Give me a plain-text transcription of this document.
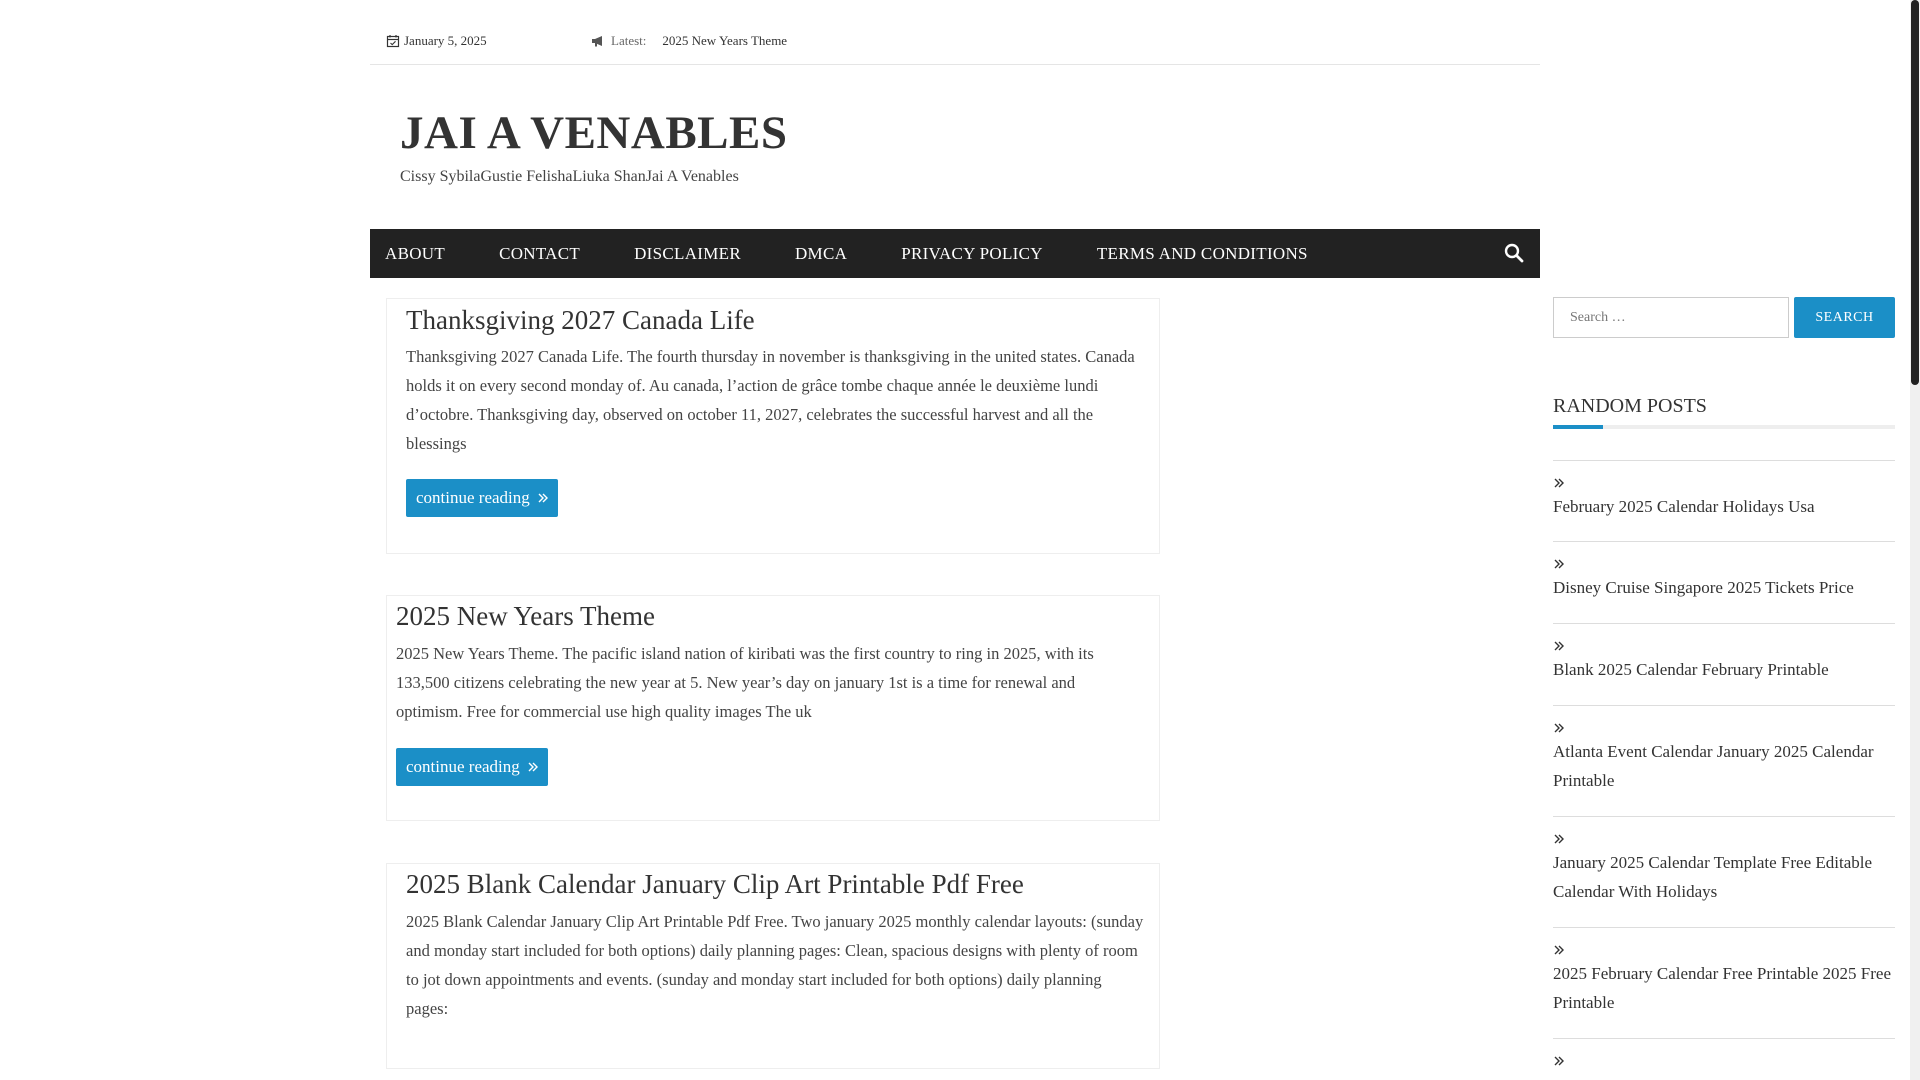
January 5, 2025	Latest: 2025 New Years Theme
JAI A VENABLES
Cissy SybilaGustie FelishaLiuka ShanJai A Venables
ABOUT	CONTACT	DISCLAIMER	DMCA	PRIVACY POLICY	TERMS AND CONDITIONS
Thanksgiving 2027 Canada Life

Thanksgiving 2027 Canada Life. The fourth thursday in november is thanksgiving in the united states. Canada holds it on every second monday of. Au canada, l’action de grâce tombe chaque année le deuxième lundi d’octobre. Thanksgiving day, observed on october 11, 2027, celebrates the successful harvest and all the blessings

continue reading
2025 New Years Theme

2025 New Years Theme. The pacific island nation of kiribati was the first country to ring in 2025, with its 133,500 citizens celebrating the new year at 5. New year’s day on january 1st is a time for renewal and optimism. Free for commercial use high quality images The uk

continue reading
2025 Blank Calendar January Clip Art Printable Pdf Free

2025 Blank Calendar January Clip Art Printable Pdf Free. Two january 2025 monthly calendar layouts: (sunday and monday start included for both options) daily planning pages: Clean, spacious designs with plenty of room to jot down appointments and events. (sunday and monday start included for both options) daily planning pages:

Search …	SEARCH
RANDOM POSTS
February 2025 Calendar Holidays Usa
Disney Cruise Singapore 2025 Tickets Price
Blank 2025 Calendar February Printable
Atlanta Event Calendar January 2025 Calendar Printable
January 2025 Calendar Template Free Editable Calendar With Holidays
2025 February Calendar Free Printable 2025 Free Printable
